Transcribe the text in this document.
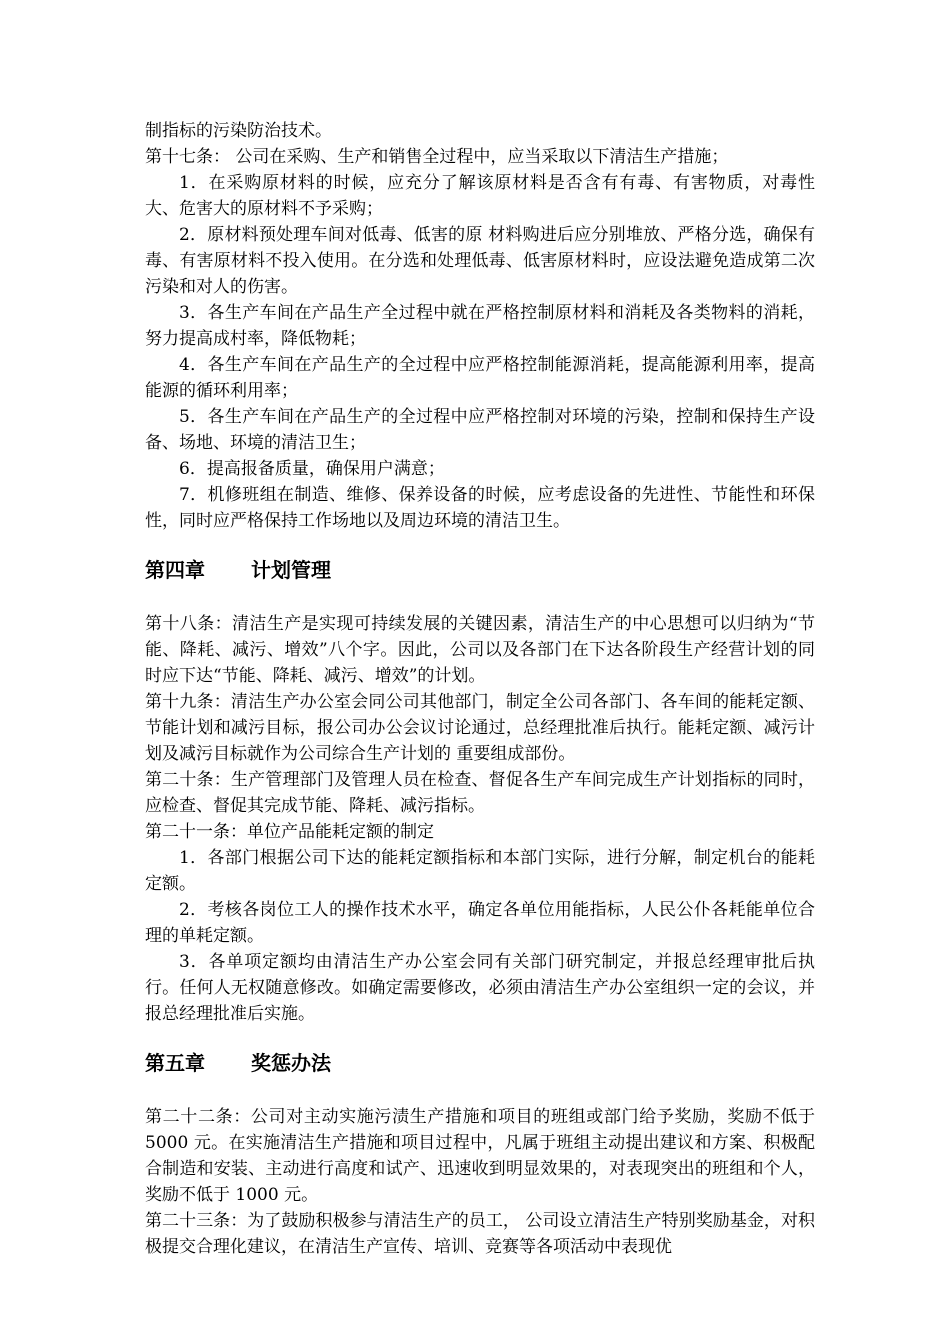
制指标的污染防治技术。

第十七条： 公司在采购、生产和销售全过程中，应当采取以下清洁生产措施；

1．在采购原材料的时候，应充分了解该原材料是否含有有毒、有害物质，对毒性大、危害大的原材料不予采购；

2．原材料预处理车间对低毒、低害的原 材料购进后应分别堆放、严格分选，确保有毒、有害原材料不投入使用。在分选和处理低毒、低害原材料时，应设法避免造成第二次污染和对人的伤害。

3．各生产车间在产品生产全过程中就在严格控制原材料和消耗及各类物料的消耗，努力提高成村率，降低物耗；

4．各生产车间在产品生产的全过程中应严格控制能源消耗，提高能源利用率，提高能源的循环利用率；

5．各生产车间在产品生产的全过程中应严格控制对环境的污染，控制和保持生产设备、场地、环境的清洁卫生；

6．提高报备质量，确保用户满意；

7．机修班组在制造、维修、保养设备的时候，应考虑设备的先进性、节能性和环保性，同时应严格保持工作场地以及周边环境的清洁卫生。

第四章 计划管理

第十八条：清洁生产是实现可持续发展的关键因素，清洁生产的中心思想可以归纳为“节能、降耗、减污、增效”八个字。因此，公司以及各部门在下达各阶段生产经营计划的同时应下达“节能、降耗、减污、增效”的计划。

第十九条：清洁生产办公室会同公司其他部门，制定全公司各部门、各车间的能耗定额、节能计划和减污目标，报公司办公会议讨论通过，总经理批准后执行。能耗定额、减污计划及减污目标就作为公司综合生产计划的 重要组成部份。

第二十条：生产管理部门及管理人员在检查、督促各生产车间完成生产计划指标的同时，应检查、督促其完成节能、降耗、减污指标。

第二十一条：单位产品能耗定额的制定

1．各部门根据公司下达的能耗定额指标和本部门实际，进行分解，制定机台的能耗定额。

2．考核各岗位工人的操作技术水平，确定各单位用能指标，人民公仆各耗能单位合理的单耗定额。

3．各单项定额均由清洁生产办公室会同有关部门研究制定，并报总经理审批后执行。任何人无权随意修改。如确定需要修改，必须由清洁生产办公室组织一定的会议，并报总经理批准后实施。

第五章 奖惩办法

第二十二条：公司对主动实施污渍生产措施和项目的班组或部门给予奖励，奖励不低于 5000 元。在实施清洁生产措施和项目过程中，凡属于班组主动提出建议和方案、积极配合制造和安装、主动进行高度和试产、迅速收到明显效果的，对表现突出的班组和个人，奖励不低于 1000 元。

第二十三条：为了鼓励积极参与清洁生产的员工， 公司设立清洁生产特别奖励基金，对积极提交合理化建议，在清洁生产宣传、培训、竞赛等各项活动中表现优
